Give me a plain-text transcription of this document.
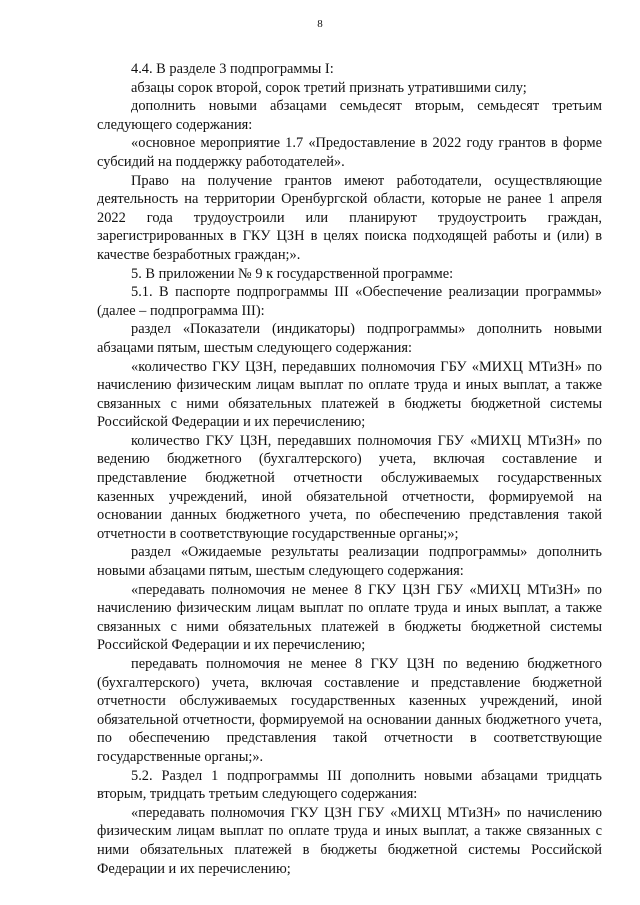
8

4.4. В разделе 3 подпрограммы I:

абзацы сорок второй, сорок третий признать утратившими силу;

дополнить новыми абзацами семьдесят вторым, семьдесят третьим следующего содержания:

«основное мероприятие 1.7 «Предоставление в 2022 году грантов в форме субсидий на поддержку работодателей».

Право на получение грантов имеют работодатели, осуществляющие деятельность на территории Оренбургской области, которые не ранее 1 апреля 2022 года трудоустроили или планируют трудоустроить граждан, зарегистрированных в ГКУ ЦЗН в целях поиска подходящей работы и (или) в качестве безработных граждан;».

5. В приложении № 9 к государственной программе:

5.1. В паспорте подпрограммы III «Обеспечение реализации программы» (далее – подпрограмма III):

раздел «Показатели (индикаторы) подпрограммы» дополнить новыми абзацами пятым, шестым следующего содержания:

«количество ГКУ ЦЗН, передавших полномочия ГБУ «МИХЦ МТиЗН» по начислению физическим лицам выплат по оплате труда и иных выплат, а также связанных с ними обязательных платежей в бюджеты бюджетной системы Российской Федерации и их перечислению;

количество ГКУ ЦЗН, передавших полномочия ГБУ «МИХЦ МТиЗН» по ведению бюджетного (бухгалтерского) учета, включая составление и представление бюджетной отчетности обслуживаемых государственных казенных учреждений, иной обязательной отчетности, формируемой на основании данных бюджетного учета, по обеспечению представления такой отчетности в соответствующие государственные органы;»;

раздел «Ожидаемые результаты реализации подпрограммы» дополнить новыми абзацами пятым, шестым следующего содержания:

«передавать полномочия не менее 8 ГКУ ЦЗН ГБУ «МИХЦ МТиЗН» по начислению физическим лицам выплат по оплате труда и иных выплат, а также связанных с ними обязательных платежей в бюджеты бюджетной системы Российской Федерации и их перечислению;

передавать полномочия не менее 8 ГКУ ЦЗН по ведению бюджетного (бухгалтерского) учета, включая составление и представление бюджетной отчетности обслуживаемых государственных казенных учреждений, иной обязательной отчетности, формируемой на основании данных бюджетного учета, по обеспечению представления такой отчетности в соответствующие государственные органы;».

5.2. Раздел 1 подпрограммы III дополнить новыми абзацами тридцать вторым, тридцать третьим следующего содержания:

«передавать полномочия ГКУ ЦЗН ГБУ «МИХЦ МТиЗН» по начислению физическим лицам выплат по оплате труда и иных выплат, а также связанных с ними обязательных платежей в бюджеты бюджетной системы Российской Федерации и их перечислению;
